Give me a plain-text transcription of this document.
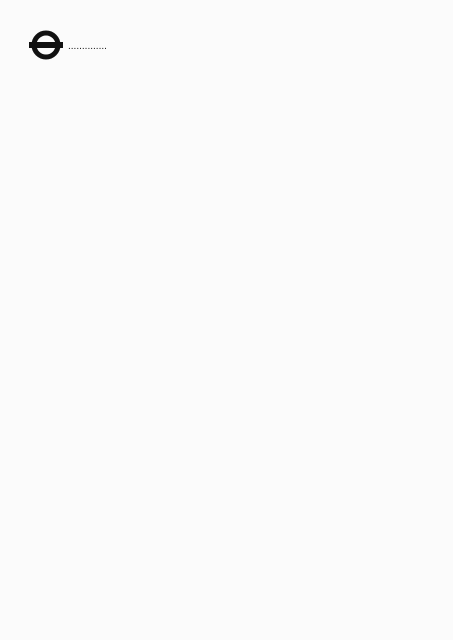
..............
